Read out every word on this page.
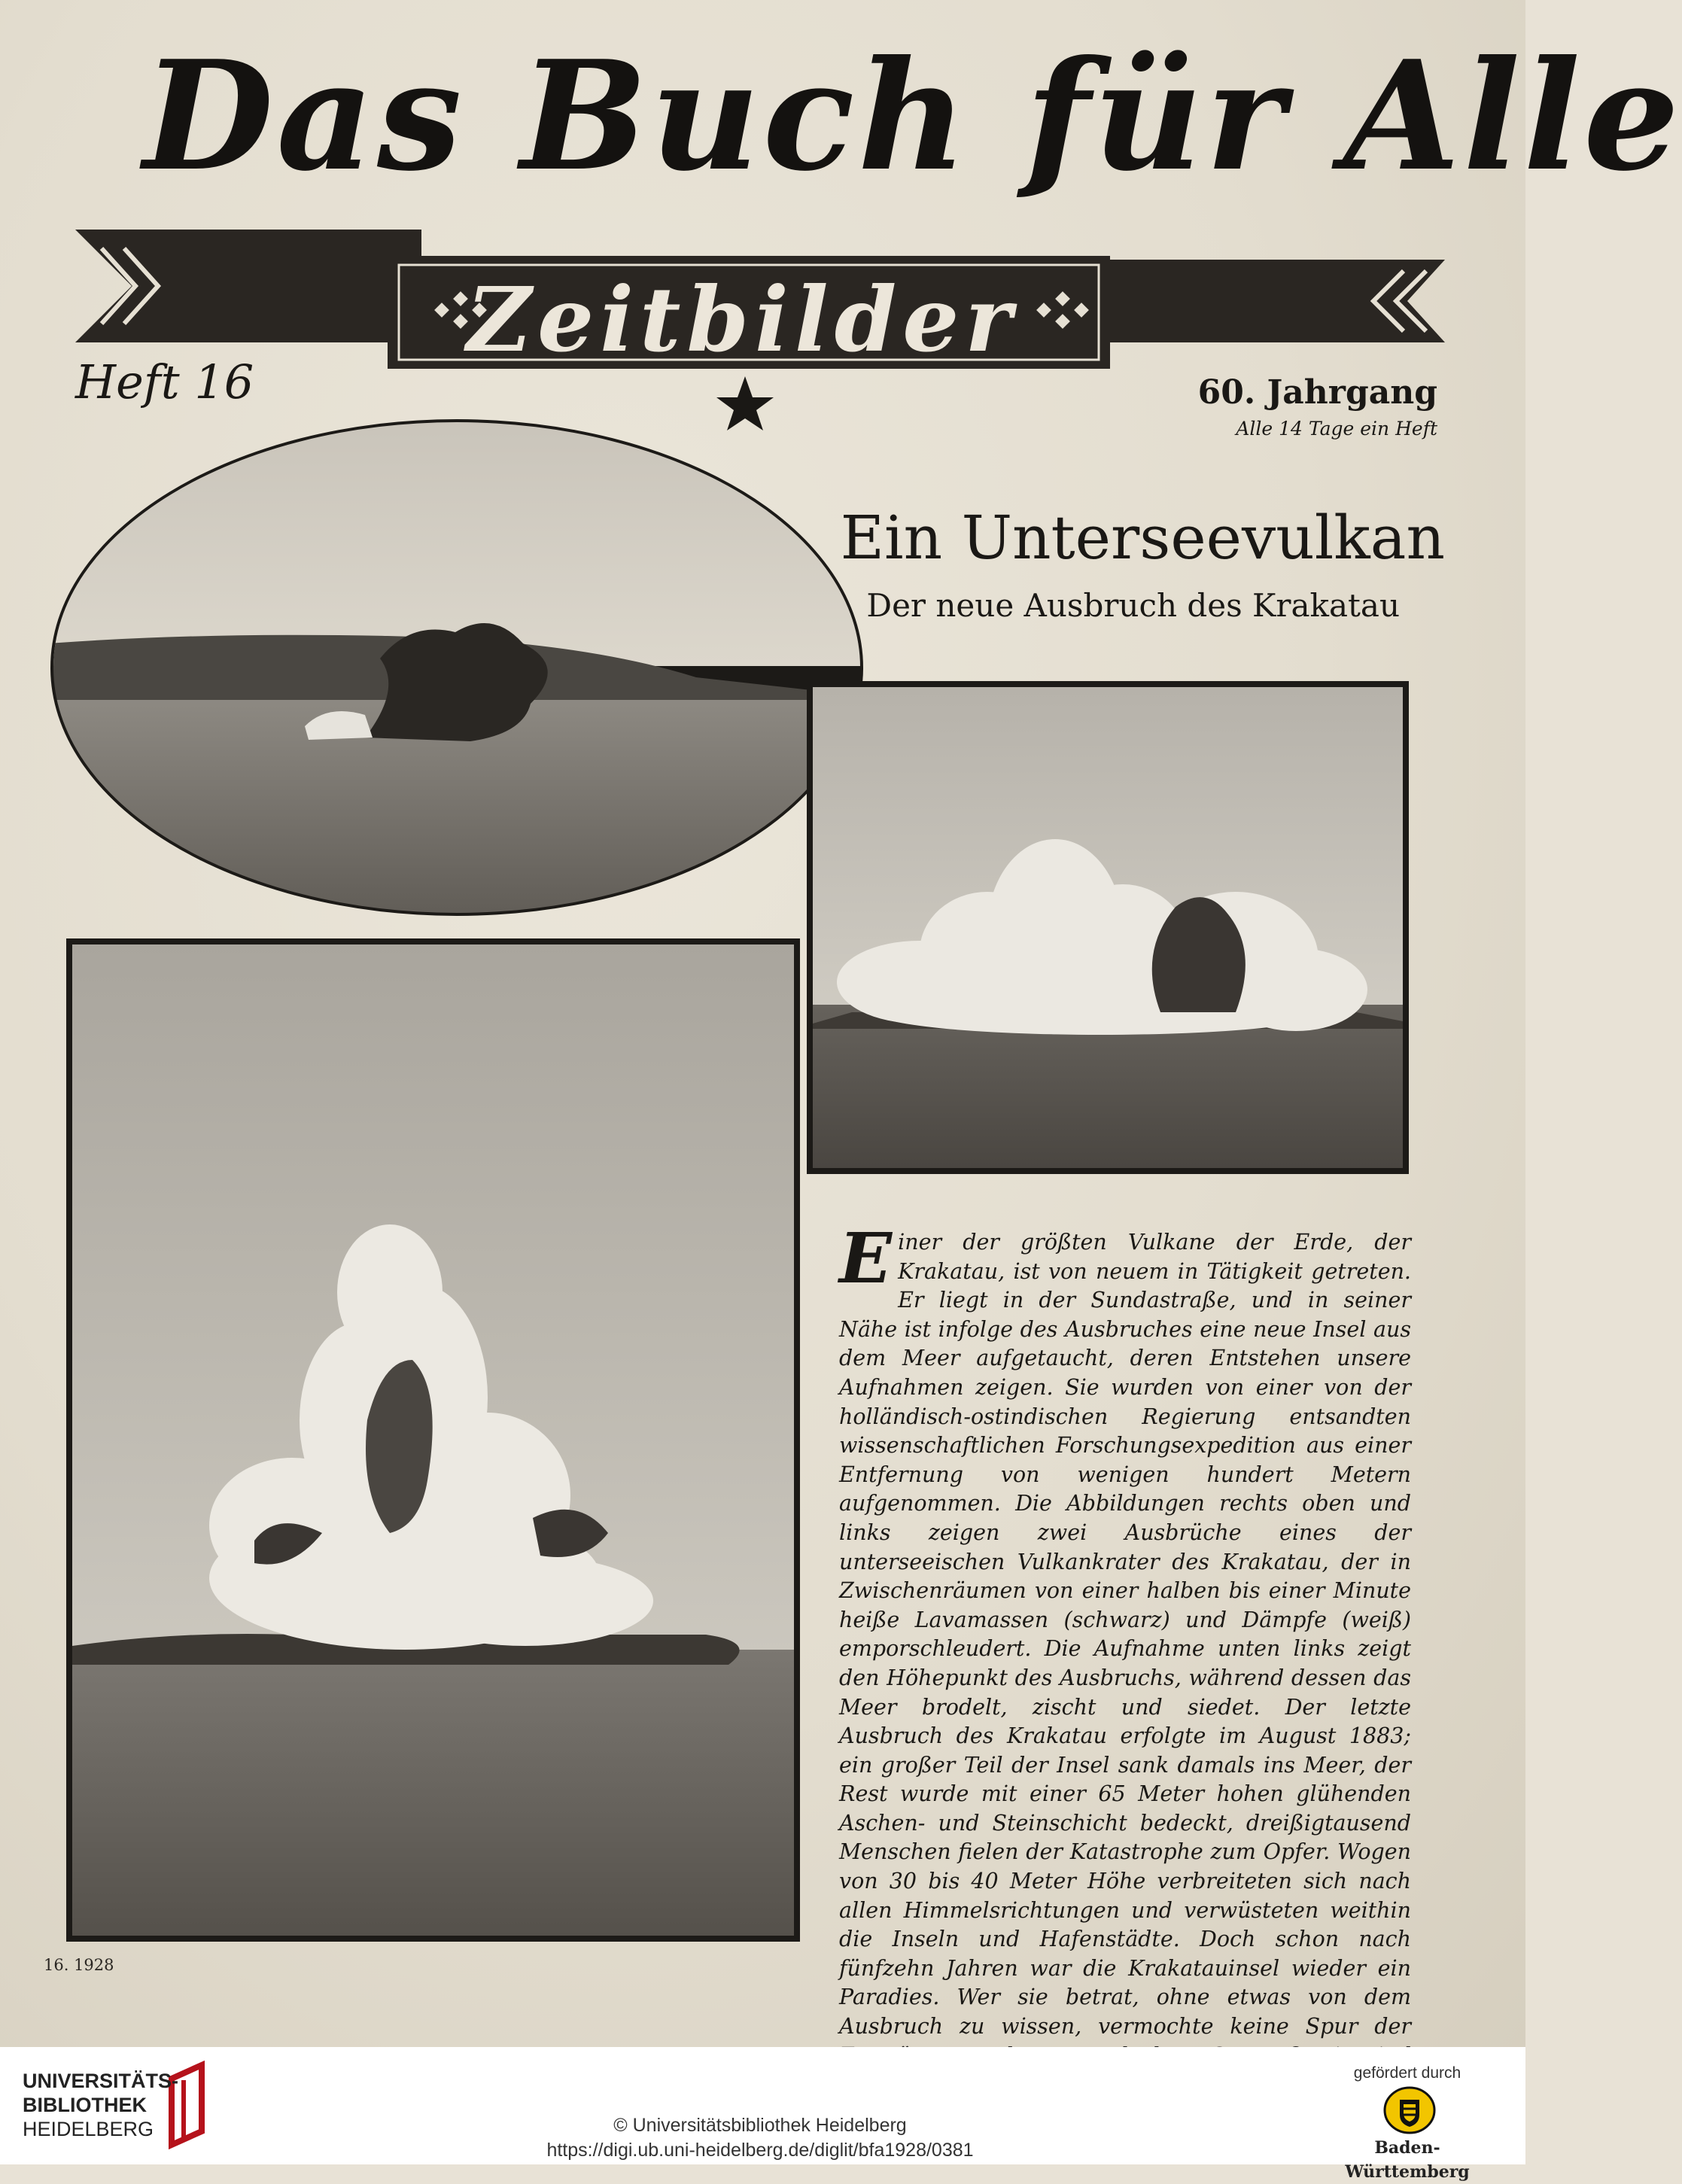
Das Buch für Alle
Zeitbilder
Heft 16	60. Jahrgang
Alle 14 Tage ein Heft
Ein Unterseevulkan
Der neue Ausbruch des Krakatau
Einer der größten Vulkane der Erde, der Krakatau, ist von neuem in Tätigkeit getreten. Er liegt in der Sundastraße, und in seiner Nähe ist infolge des Ausbruches eine neue Insel aus dem Meer aufgetaucht, deren Entstehen unsere Aufnahmen zeigen. Sie wurden von einer von der holländisch-ostindischen Regierung entsandten wissenschaftlichen Forschungsexpedition aus einer Entfernung von wenigen hundert Metern aufgenommen. Die Abbildungen rechts oben und links zeigen zwei Ausbrüche eines der unterseeischen Vulkankrater des Krakatau, der in Zwischenräumen von einer halben bis einer Minute heiße Lavamassen (schwarz) und Dämpfe (weiß) emporschleudert. Die Aufnahme unten links zeigt den Höhepunkt des Ausbruchs, während dessen das Meer brodelt, zischt und siedet. Der letzte Ausbruch des Krakatau erfolgte im August 1883; ein großer Teil der Insel sank damals ins Meer, der Rest wurde mit einer 65 Meter hohen glühenden Aschen- und Steinschicht bedeckt, dreißigtausend Menschen fielen der Katastrophe zum Opfer. Wogen von 30 bis 40 Meter Höhe verbreiteten sich nach allen Himmelsrichtungen und verwüsteten weithin die Inseln und Hafenstädte. Doch schon nach fünfzehn Jahren war die Krakatauinsel wieder ein Paradies. Wer sie betrat, ohne etwas von dem Ausbruch zu wissen, vermochte keine Spur der
16. 1928
UNIVERSITÄTS-
BIBLIOTHEK
HEIDELBERG	© Universitätsbibliothek Heidelberg
https://digi.ub.uni-heidelberg.de/diglit/bfa1928/0381
gefördert durch
Baden-Württemberg
